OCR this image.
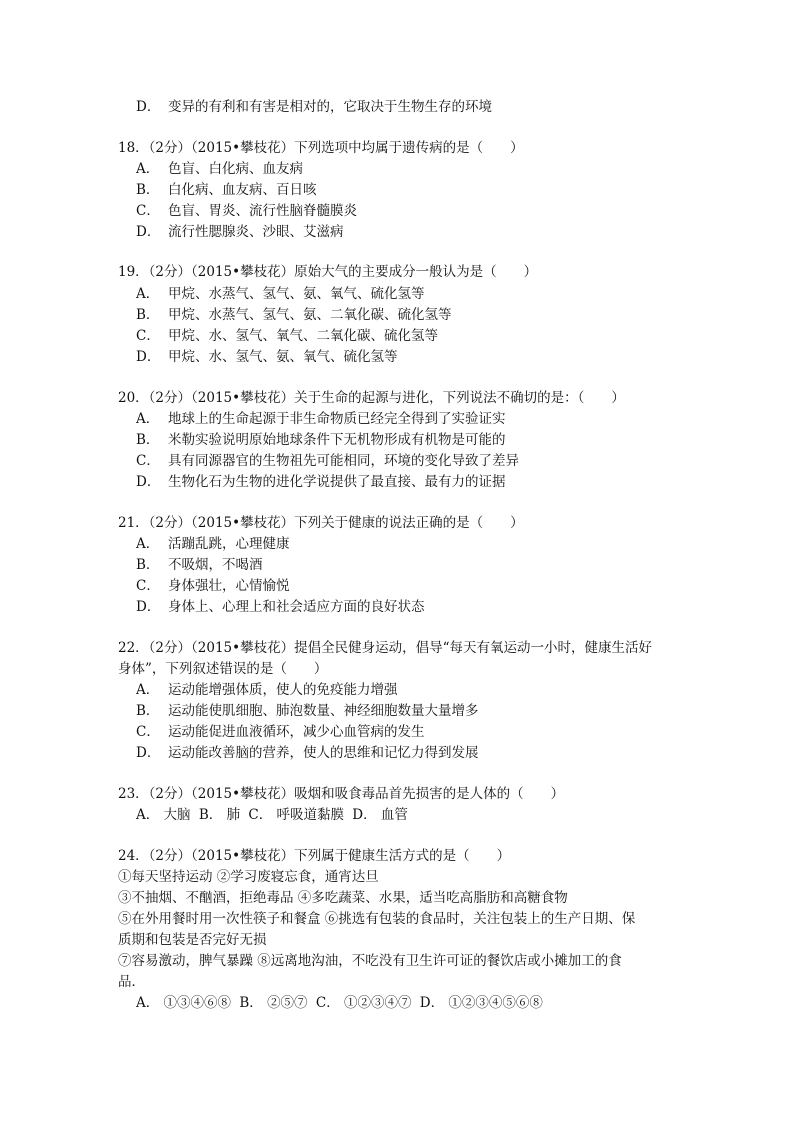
D． 变异的有利和有害是相对的，它取决于生物生存的环境
18．（2分）（2015•攀枝花）下列选项中均属于遗传病的是（　　）
A． 色盲、白化病、血友病
B． 白化病、血友病、百日咳
C． 色盲、胃炎、流行性脑脊髓膜炎
D． 流行性腮腺炎、沙眼、艾滋病
19．（2分）（2015•攀枝花）原始大气的主要成分一般认为是（　　）
A． 甲烷、水蒸气、氢气、氨、氧气、硫化氢等
B． 甲烷、水蒸气、氢气、氨、二氧化碳、硫化氢等
C． 甲烷、水、氢气、氧气、二氧化碳、硫化氢等
D． 甲烷、水、氢气、氨、氧气、硫化氢等
20．（2分）（2015•攀枝花）关于生命的起源与进化，下列说法不确切的是：（　　）
A． 地球上的生命起源于非生命物质已经完全得到了实验证实
B． 米勒实验说明原始地球条件下无机物形成有机物是可能的
C． 具有同源器官的生物祖先可能相同，环境的变化导致了差异
D． 生物化石为生物的进化学说提供了最直接、最有力的证据
21．（2分）（2015•攀枝花）下列关于健康的说法正确的是（　　）
A． 活蹦乱跳，心理健康
B． 不吸烟，不喝酒
C． 身体强壮，心情愉悦
D． 身体上、心理上和社会适应方面的良好状态
22．（2分）（2015•攀枝花）提倡全民健身运动，倡导“每天有氧运动一小时，健康生活好
身体”，下列叙述错误的是（　　）
A． 运动能增强体质，使人的免疫能力增强
B． 运动能使肌细胞、肺泡数量、神经细胞数量大量增多
C． 运动能促进血液循环，减少心血管病的发生
D． 运动能改善脑的营养，使人的思维和记忆力得到发展
23．（2分）（2015•攀枝花）吸烟和吸食毒品首先损害的是人体的（　　）
A． 大脑 B． 肺 C． 呼吸道黏膜 D． 血管
24．（2分）（2015•攀枝花）下列属于健康生活方式的是（　　）
①每天坚持运动 ②学习废寝忘食，通宵达旦
③不抽烟、不酗酒，拒绝毒品 ④多吃蔬菜、水果，适当吃高脂肪和高糖食物
⑤在外用餐时用一次性筷子和餐盒 ⑥挑选有包装的食品时，关注包装上的生产日期、保
质期和包装是否完好无损
⑦容易激动，脾气暴躁 ⑧远离地沟油，不吃没有卫生许可证的餐饮店或小摊加工的食
品．
A． ①③④⑥⑧ B． ②⑤⑦ C． ①②③④⑦ D． ①②③④⑤⑥⑧
